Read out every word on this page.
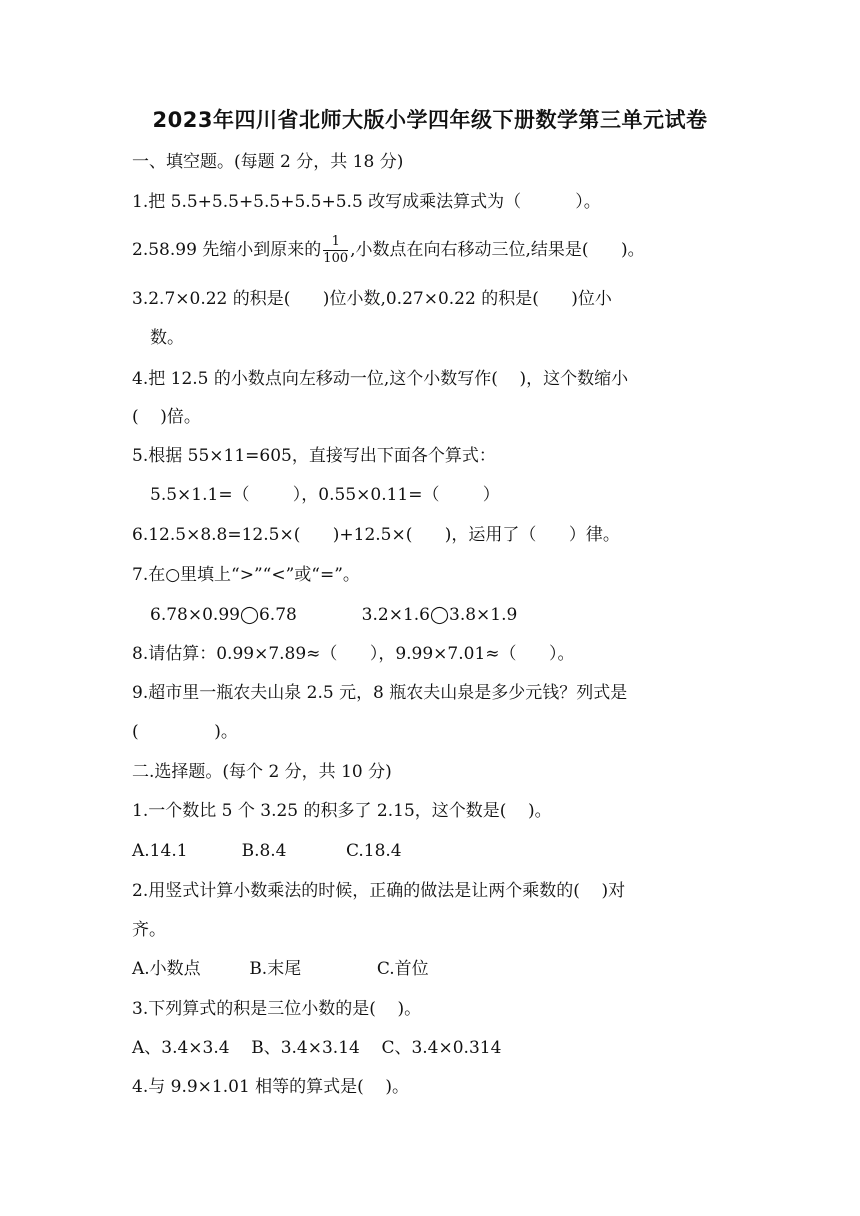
2023年四川省北师大版小学四年级下册数学第三单元试卷
一、填空题。(每题 2 分，共 18 分)
1.把 5.5+5.5+5.5+5.5+5.5 改写成乘法算式为（          ）。
2.58.99 先缩小到原来的 $\frac{1}{100}$ ,小数点在向右移动三位,结果是(      )。
3.2.7×0.22 的积是(      )位小数,0.27×0.22 的积是(      )位小
数。
4.把 12.5 的小数点向左移动一位,这个小数写作(    )，这个数缩小
(    )倍。
5.根据 55×11=605，直接写出下面各个算式：
5.5×1.1=（        ），0.55×0.11=（        ）
6.12.5×8.8=12.5×(      )+12.5×(      )，运用了（      ）律。
7.在○里填上“>”“<”或“=”。
6.78×0.99◯6.78            3.2×1.6◯3.8×1.9
8.请估算：0.99×7.89≈（      ），9.99×7.01≈（      ）。
9.超市里一瓶农夫山泉 2.5 元，8 瓶农夫山泉是多少元钱？列式是
(              )。
二.选择题。(每个 2 分，共 10 分)
1.一个数比 5 个 3.25 的积多了 2.15，这个数是(    )。
A.14.1          B.8.4           C.18.4
2.用竖式计算小数乘法的时候，正确的做法是让两个乘数的(    )对
齐。
A.小数点         B.末尾              C.首位
3.下列算式的积是三位小数的是(    )。
A、3.4×3.4    B、3.4×3.14    C、3.4×0.314
4.与 9.9×1.01 相等的算式是(    )。
